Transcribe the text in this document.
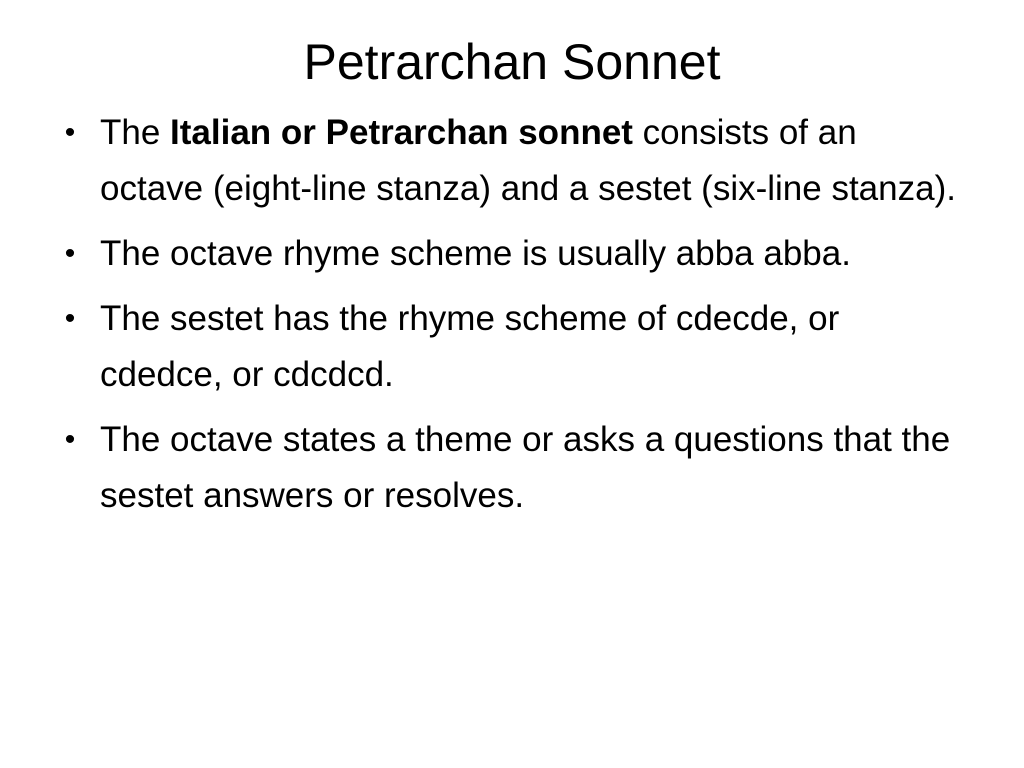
Petrarchan Sonnet
• The Italian or Petrarchan sonnet consists of an octave (eight-line stanza) and a sestet (six-line stanza).
• The octave rhyme scheme is usually abba abba.
• The sestet has the rhyme scheme of cdecde, or cdedce, or cdcdcd.
• The octave states a theme or asks a questions that the sestet answers or resolves.
